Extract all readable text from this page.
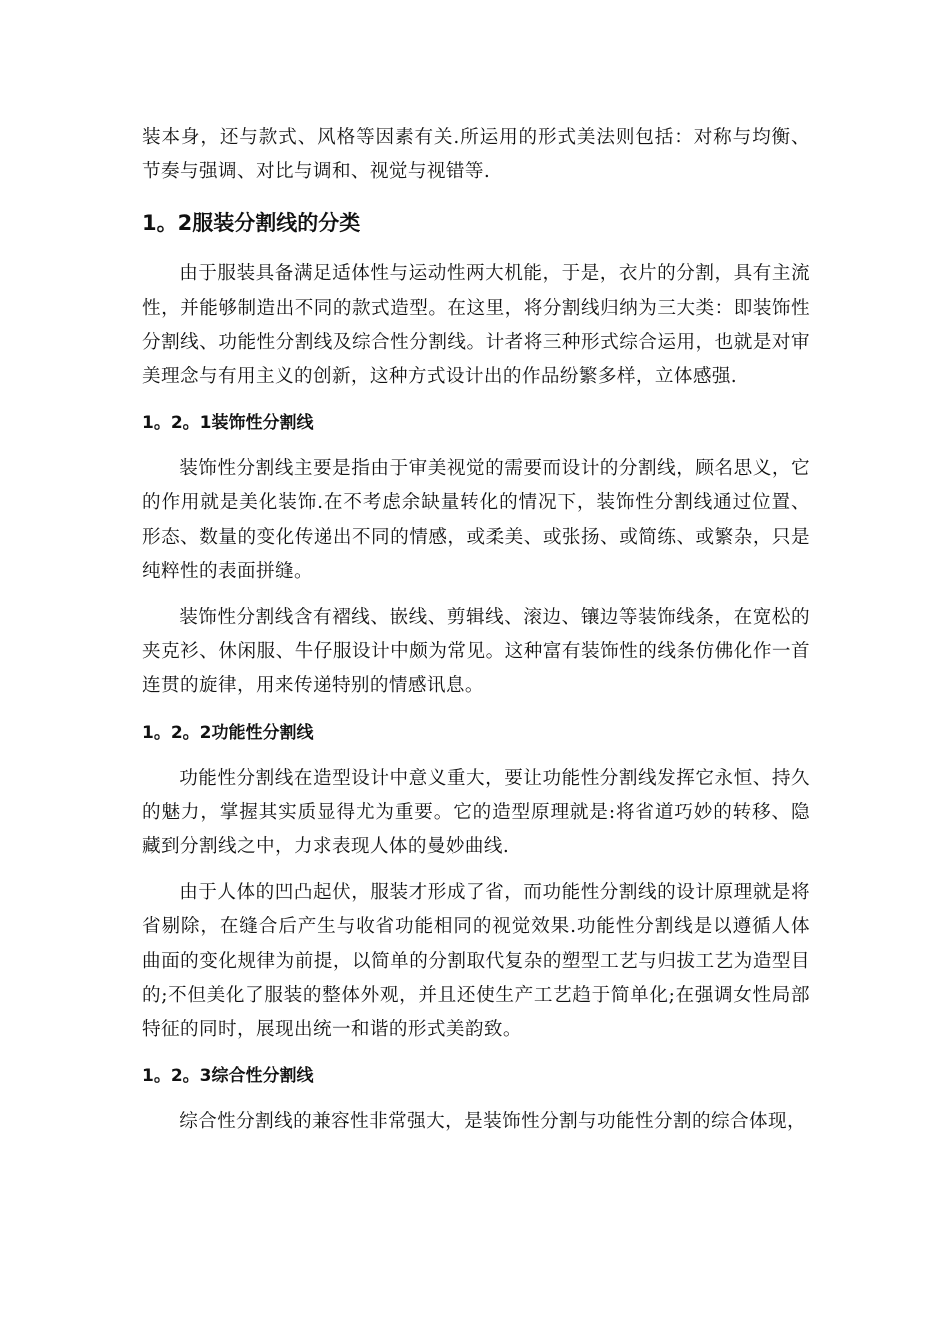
装本身，还与款式、风格等因素有关.所运用的形式美法则包括：对称与均衡、节奏与强调、对比与调和、视觉与视错等.

1。2服装分割线的分类

由于服装具备满足适体性与运动性两大机能，于是，衣片的分割，具有主流性，并能够制造出不同的款式造型。在这里，将分割线归纳为三大类：即装饰性分割线、功能性分割线及综合性分割线。计者将三种形式综合运用，也就是对审美理念与有用主义的创新，这种方式设计出的作品纷繁多样，立体感强.

1。2。1装饰性分割线

装饰性分割线主要是指由于审美视觉的需要而设计的分割线，顾名思义，它的作用就是美化装饰.在不考虑余缺量转化的情况下，装饰性分割线通过位置、形态、数量的变化传递出不同的情感，或柔美、或张扬、或简练、或繁杂，只是纯粹性的表面拼缝。

装饰性分割线含有褶线、嵌线、剪辑线、滚边、镶边等装饰线条，在宽松的夹克衫、休闲服、牛仔服设计中颇为常见。这种富有装饰性的线条仿佛化作一首连贯的旋律，用来传递特别的情感讯息。

1。2。2功能性分割线

功能性分割线在造型设计中意义重大，要让功能性分割线发挥它永恒、持久的魅力，掌握其实质显得尤为重要。它的造型原理就是:将省道巧妙的转移、隐藏到分割线之中，力求表现人体的曼妙曲线.

由于人体的凹凸起伏，服装才形成了省，而功能性分割线的设计原理就是将省剔除，在缝合后产生与收省功能相同的视觉效果.功能性分割线是以遵循人体曲面的变化规律为前提，以简单的分割取代复杂的塑型工艺与归拔工艺为造型目的;不但美化了服装的整体外观，并且还使生产工艺趋于简单化;在强调女性局部特征的同时，展现出统一和谐的形式美韵致。

1。2。3综合性分割线

综合性分割线的兼容性非常强大，是装饰性分割与功能性分割的综合体现，
